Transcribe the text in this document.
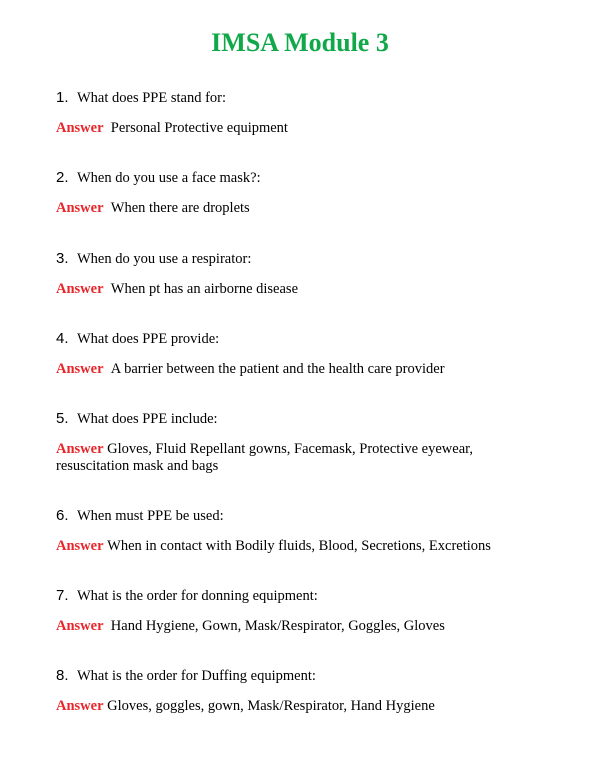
IMSA Module 3
1. What does PPE stand for:
Answer Personal Protective equipment
2. When do you use a face mask?:
Answer When there are droplets
3. When do you use a respirator:
Answer When pt has an airborne disease
4. What does PPE provide:
Answer A barrier between the patient and the health care provider
5. What does PPE include:
Answer Gloves, Fluid Repellant gowns, Facemask, Protective eyewear, resuscitation mask and bags
6. When must PPE be used:
Answer When in contact with Bodily fluids, Blood, Secretions, Excretions
7. What is the order for donning equipment:
Answer Hand Hygiene, Gown, Mask/Respirator, Goggles, Gloves
8. What is the order for Duffing equipment:
Answer Gloves, goggles, gown, Mask/Respirator, Hand Hygiene
